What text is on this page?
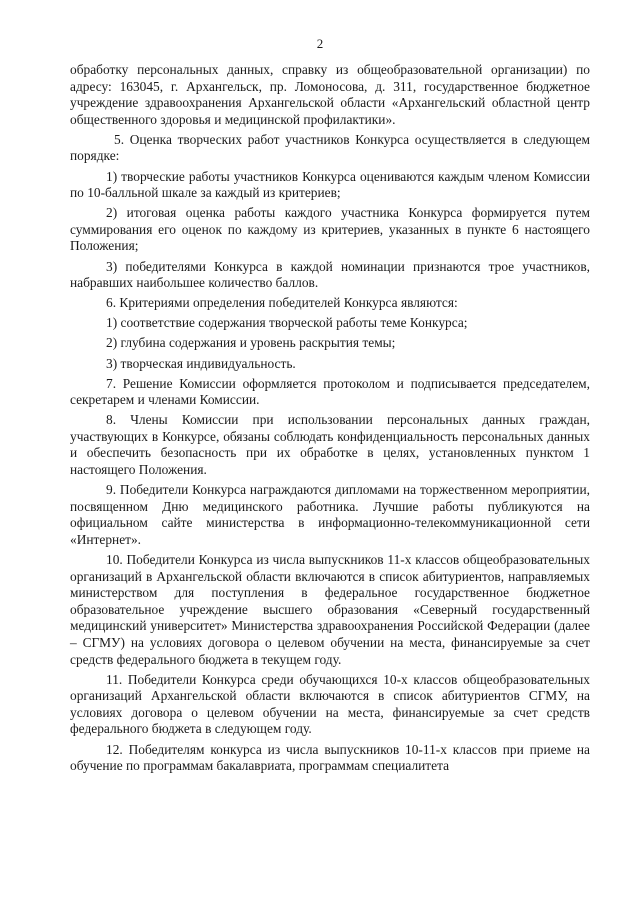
2

обработку персональных данных, справку из общеобразовательной организации) по адресу: 163045, г. Архангельск, пр. Ломоносова, д. 311, государственное бюджетное учреждение здравоохранения Архангельской области «Архангельский областной центр общественного здоровья и медицинской профилактики».

5. Оценка творческих работ участников Конкурса осуществляется в следующем порядке:

1) творческие работы участников Конкурса оцениваются каждым членом Комиссии по 10-балльной шкале за каждый из критериев;

2) итоговая оценка работы каждого участника Конкурса формируется путем суммирования его оценок по каждому из критериев, указанных в пункте 6 настоящего Положения;

3) победителями Конкурса в каждой номинации признаются трое участников, набравших наибольшее количество баллов.

6. Критериями определения победителей Конкурса являются:

1) соответствие содержания творческой работы теме Конкурса;

2) глубина содержания и уровень раскрытия темы;

3) творческая индивидуальность.

7. Решение Комиссии оформляется протоколом и подписывается председателем, секретарем и членами Комиссии.

8. Члены Комиссии при использовании персональных данных граждан, участвующих в Конкурсе, обязаны соблюдать конфиденциальность персональных данных и обеспечить безопасность при их обработке в целях, установленных пунктом 1 настоящего Положения.

9. Победители Конкурса награждаются дипломами на торжественном мероприятии, посвященном Дню медицинского работника. Лучшие работы публикуются на официальном сайте министерства в информационно-телекоммуникационной сети «Интернет».

10. Победители Конкурса из числа выпускников 11-х классов общеобразовательных организаций в Архангельской области включаются в список абитуриентов, направляемых министерством для поступления в федеральное государственное бюджетное образовательное учреждение высшего образования «Северный государственный медицинский университет» Министерства здравоохранения Российской Федерации (далее – СГМУ) на условиях договора о целевом обучении на места, финансируемые за счет средств федерального бюджета в текущем году.

11. Победители Конкурса среди обучающихся 10-х классов общеобразовательных организаций Архангельской области включаются в список абитуриентов СГМУ, на условиях договора о целевом обучении на места, финансируемые за счет средств федерального бюджета в следующем году.

12. Победителям конкурса из числа выпускников 10-11-х классов при приеме на обучение по программам бакалавриата, программам специалитета
